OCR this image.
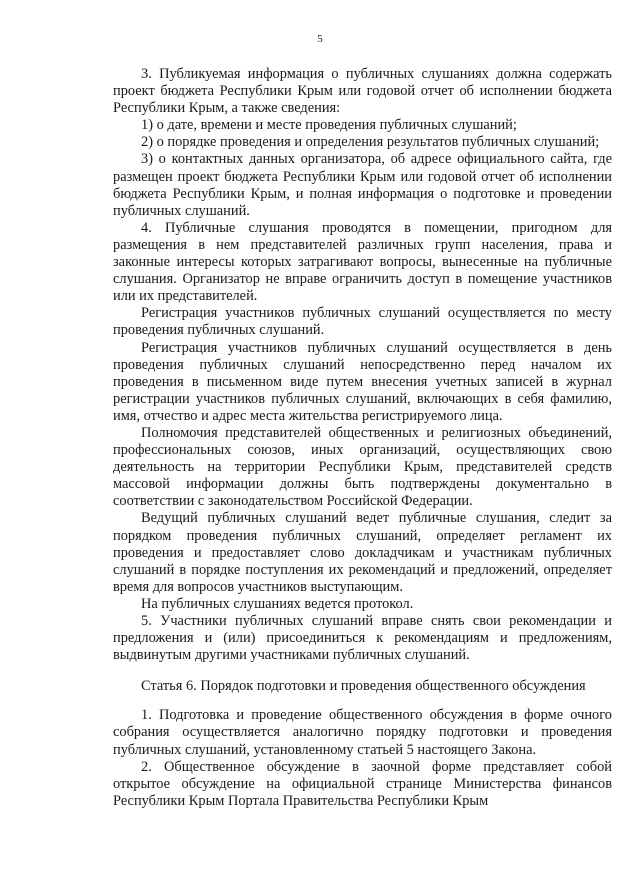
5

3. Публикуемая информация о публичных слушаниях должна содержать проект бюджета Республики Крым или годовой отчет об исполнении бюджета Республики Крым, а также сведения:

1) о дате, времени и месте проведения публичных слушаний;

2) о порядке проведения и определения результатов публичных слушаний;

3) о контактных данных организатора, об адресе официального сайта, где размещен проект бюджета Республики Крым или годовой отчет об исполнении бюджета Республики Крым, и полная информация о подготовке и проведении публичных слушаний.

4. Публичные слушания проводятся в помещении, пригодном для размещения в нем представителей различных групп населения, права и законные интересы которых затрагивают вопросы, вынесенные на публичные слушания. Организатор не вправе ограничить доступ в помещение участников или их представителей.

Регистрация участников публичных слушаний осуществляется по месту проведения публичных слушаний.

Регистрация участников публичных слушаний осуществляется в день проведения публичных слушаний непосредственно перед началом их проведения в письменном виде путем внесения учетных записей в журнал регистрации участников публичных слушаний, включающих в себя фамилию, имя, отчество и адрес места жительства регистрируемого лица.

Полномочия представителей общественных и религиозных объединений, профессиональных союзов, иных организаций, осуществляющих свою деятельность на территории Республики Крым, представителей средств массовой информации должны быть подтверждены документально в соответствии с законодательством Российской Федерации.

Ведущий публичных слушаний ведет публичные слушания, следит за порядком проведения публичных слушаний, определяет регламент их проведения и предоставляет слово докладчикам и участникам публичных слушаний в порядке поступления их рекомендаций и предложений, определяет время для вопросов участников выступающим.

На публичных слушаниях ведется протокол.

5. Участники публичных слушаний вправе снять свои рекомендации и предложения и (или) присоединиться к рекомендациям и предложениям, выдвинутым другими участниками публичных слушаний.

Статья 6. Порядок подготовки и проведения общественного обсуждения

1. Подготовка и проведение общественного обсуждения в форме очного собрания осуществляется аналогично порядку подготовки и проведения публичных слушаний, установленному статьей 5 настоящего Закона.

2. Общественное обсуждение в заочной форме представляет собой открытое обсуждение на официальной странице Министерства финансов Республики Крым Портала Правительства Республики Крым
